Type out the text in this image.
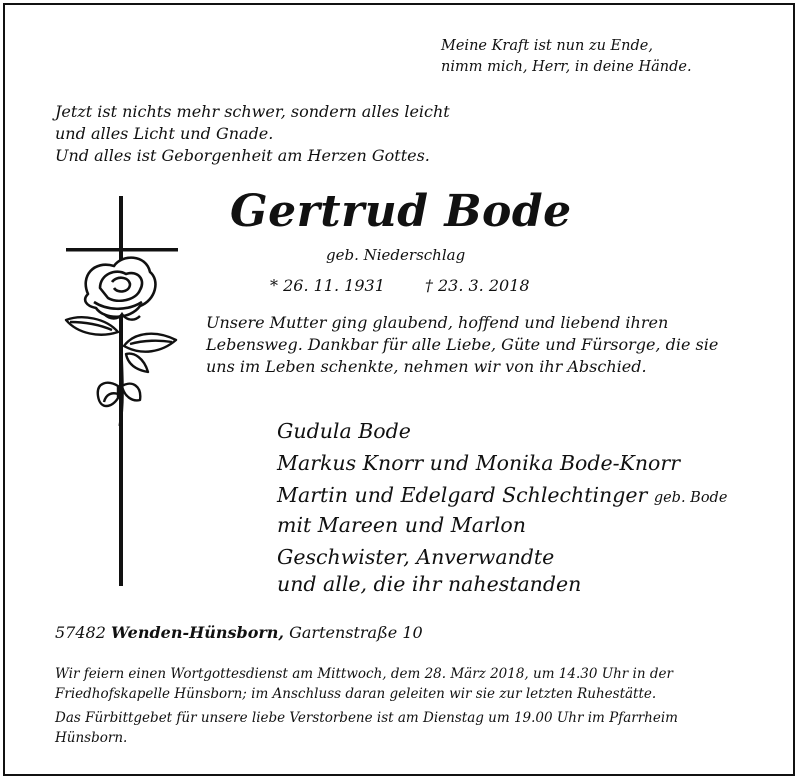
Meine Kraft ist nun zu Ende,
nimm mich, Herr, in deine Hände.
Jetzt ist nichts mehr schwer, sondern alles leicht
und alles Licht und Gnade.
Und alles ist Geborgenheit am Herzen Gottes.
Gertrud Bode
geb. Niederschlag
* 26. 11. 1931	† 23. 3. 2018
Unsere Mutter ging glaubend, hoffend und liebend ihren
Lebensweg. Dankbar für alle Liebe, Güte und Fürsorge, die sie
uns im Leben schenkte, nehmen wir von ihr Abschied.
Gudula Bode
Markus Knorr und Monika Bode-Knorr
Martin und Edelgard Schlechtinger geb. Bode
mit Mareen und Marlon
Geschwister, Anverwandte
und alle, die ihr nahestanden
57482 Wenden-Hünsborn, Gartenstraße 10

Wir feiern einen Wortgottesdienst am Mittwoch, dem 28. März 2018, um 14.30 Uhr in der Friedhofskapelle Hünsborn; im Anschluss daran geleiten wir sie zur letzten Ruhestätte.

Das Fürbittgebet für unsere liebe Verstorbene ist am Dienstag um 19.00 Uhr im Pfarrheim Hünsborn.
